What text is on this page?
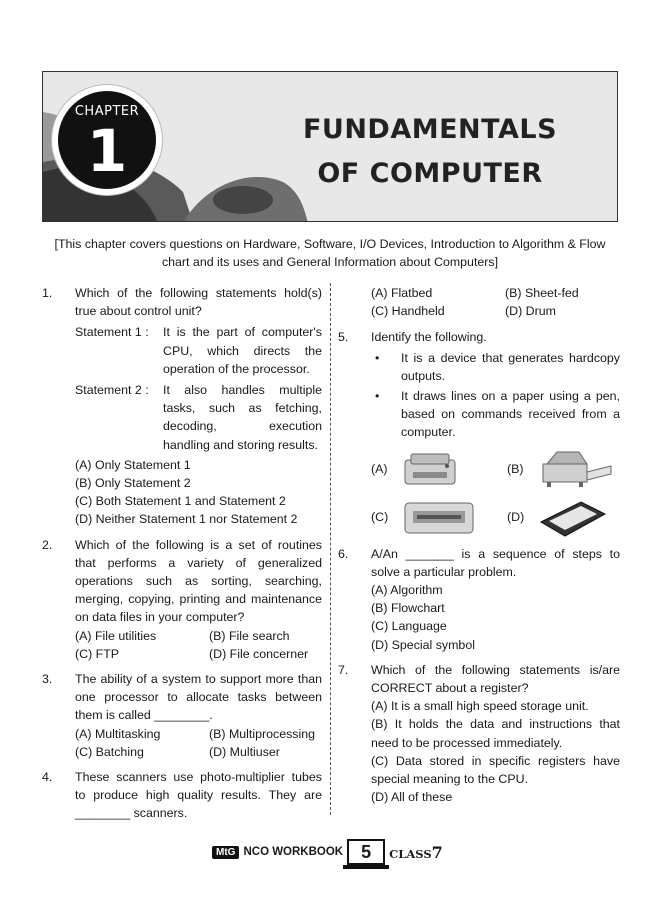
CHAPTER
1	FUNDAMENTALS
OF COMPUTER
[This chapter covers questions on Hardware, Software, I/O Devices, Introduction to Algorithm & Flow chart and its uses and General Information about Computers]
1. Which of the following statements hold(s) true about control unit?
Statement 1 :	It is the part of computer's CPU, which directs the operation of the processor.
Statement 2 :	It also handles multiple tasks, such as fetching, decoding, execution handling and storing results.
(A) Only Statement 1
(B) Only Statement 2
(C) Both Statement 1 and Statement 2
(D) Neither Statement 1 nor Statement 2
2. Which of the following is a set of routines that performs a variety of generalized operations such as sorting, searching, merging, copying, printing and maintenance on data files in your computer?
(A) File utilities	(B) File search
(C) FTP	(D) File concerner
3. The ability of a system to support more than one processor to allocate tasks between them is called ________.
(A) Multitasking	(B) Multiprocessing
(C) Batching	(D) Multiuser
4. These scanners use photo-multiplier tubes to produce high quality results. They are ________ scanners.
(A) Flatbed	(B) Sheet-fed
(C) Handheld	(D) Drum
5. Identify the following.
• It is a device that generates hardcopy outputs.
• It draws lines on a paper using a pen, based on commands received from a computer.
(A)	(B)
(C)	(D)
6. A/An _______ is a sequence of steps to solve a particular problem.
(A) Algorithm
(B) Flowchart
(C) Language
(D) Special symbol
7. Which of the following statements is/are CORRECT about a register?
(A) It is a small high speed storage unit.
(B) It holds the data and instructions that need to be processed immediately.
(C) Data stored in specific registers have special meaning to the CPU.
(D) All of these
MtG NCO WORKBOOK 5	CLASS7
